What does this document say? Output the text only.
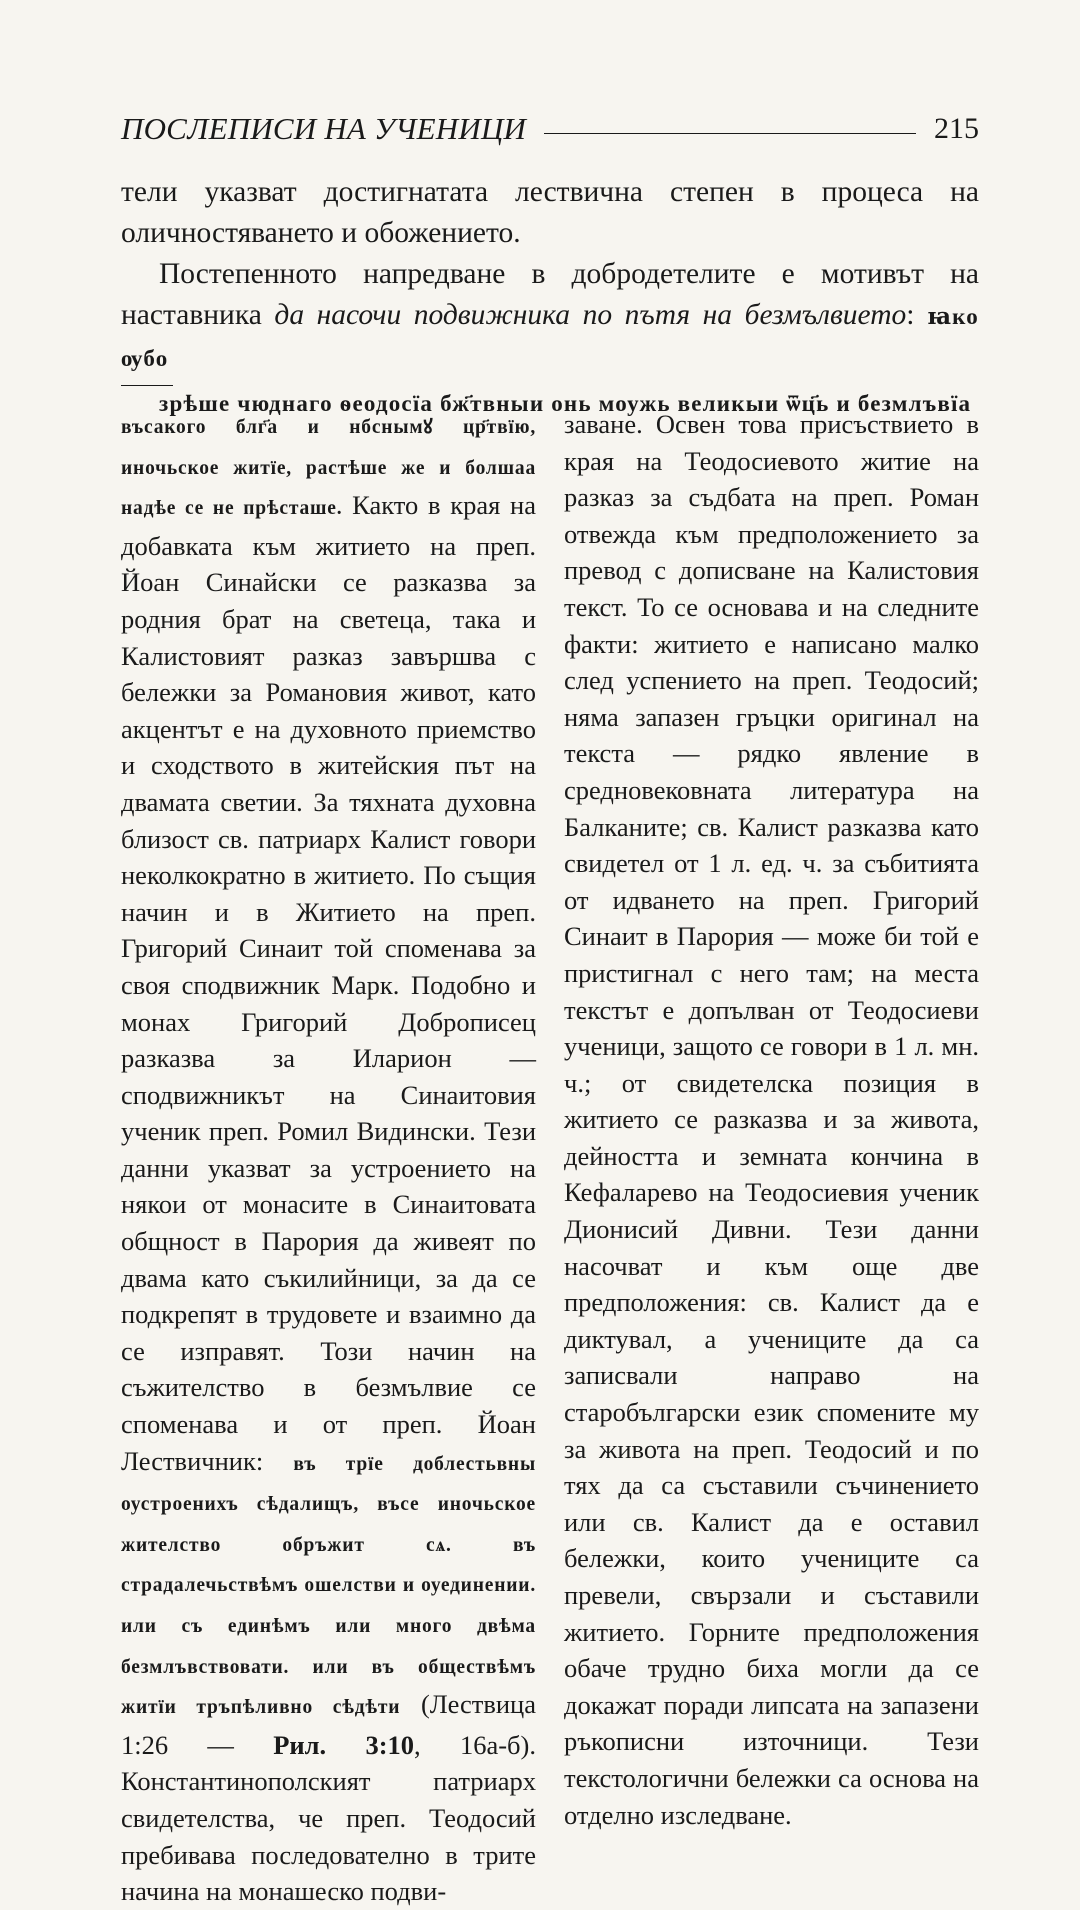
ПОСЛЕПИСИ НА УЧЕНИЦИ	215

тели указват достигнатата лествична степен в процеса на оличностяването и обожението.

Постепенното напредване в добродетелите е мотивът на наставника да насочи подвижника по пътя на безмълвието: ꙗко ѹбо
зрѣше чюднаго ѳеодосїа бж҃твныи онь моужь великыи ѿц҃ь и безмлъвїа

въсакого блг҃а и нбснымꙋ цр҃твїю, иночьское житїе, растѣше же и болшаа надѣе се не прѣсташе. Както в края на добавката към житието на преп. Йоан Синайски се разказва за родния брат на светеца, така и Калистовият разказ завършва с бележки за Романовия живот, като акцентът е на духовното приемство и сходството в житейския път на двамата светии. За тяхната духовна близост св. патриарх Калист говори неколкократно в житието. По същия начин и в Житието на преп. Григорий Синаит той споменава за своя сподвижник Марк. Подобно и монах Григорий Доброписец разказва за Иларион — сподвижникът на Синаитовия ученик преп. Ромил Видински. Тези данни указват за устроението на някои от монасите в Синаитовата общност в Парория да живеят по двама като съкилийници, за да се подкрепят в трудовете и взаимно да се изправят. Този начин на съжителство в безмълвие се споменава и от преп. Йоан Лествичник: въ трїе доблестьвны оустроенихъ сѣдалищъ, въсе иночьское жителство обръжит сѧ. въ страдалечьствѣмъ ошелстви и оуединении. или съ единѣмъ или много двѣма безмлъвствовати. или въ обществѣмъ житїи тръпѣливно сѣдѣти (Лествица 1:26 — Рил. 3:10, 16а-б). Константинополският патриарх свидетелства, че преп. Теодосий пребивава последователно в трите начина на монашеско подви-

заване. Освен това присъствието в края на Теодосиевото житие на разказ за съдбата на преп. Роман отвежда към предположението за превод с дописване на Калистовия текст. То се основава и на следните факти: житието е написано малко след успението на преп. Теодосий; няма запазен гръцки оригинал на текста — рядко явление в средновековната литература на Балканите; св. Калист разказва като свидетел от 1 л. ед. ч. за събитията от идването на преп. Григорий Синаит в Парория — може би той е пристигнал с него там; на места текстът е допълван от Теодосиеви ученици, защото се говори в 1 л. мн. ч.; от свидетелска позиция в житието се разказва и за живота, дейността и земната кончина в Кефаларево на Теодосиевия ученик Дионисий Дивни. Тези данни насочват и към още две предположения: св. Калист да е диктувал, а учениците да са записвали направо на старобългарски език спомените му за живота на преп. Теодосий и по тях да са съставили съчинението или св. Калист да е оставил бележки, които учениците са превели, свързали и съставили житието. Горните предположения обаче трудно биха могли да се докажат поради липсата на запазени ръкописни източници. Тези текстологични бележки са основа на отделно изследване.
